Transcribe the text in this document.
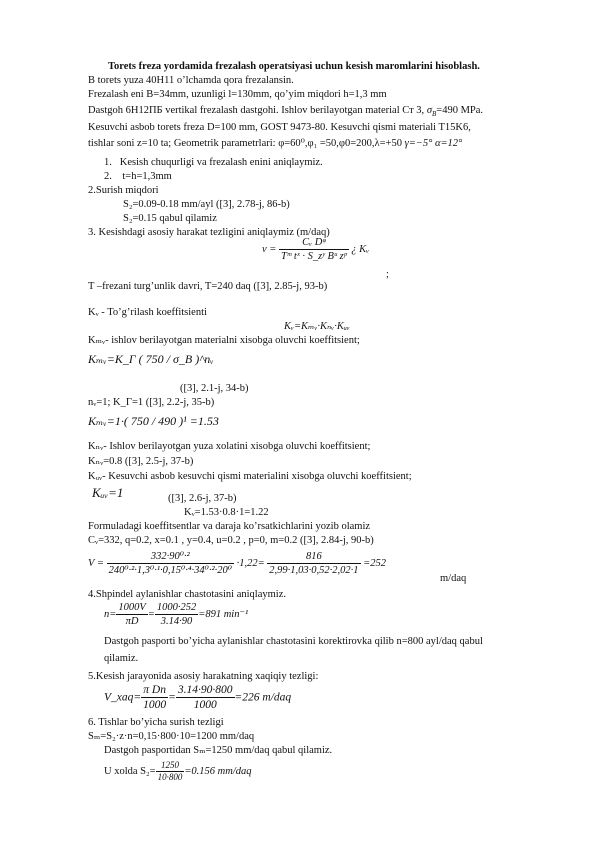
Torets freza yordamida frezalash operatsiyasi uchun kesish maromlarini hisoblash.
B torets yuza 40H11 o’lchamda qora frezalansin.
Frezalash eni B=34mm, uzunligi l=130mm, qo’yim miqdori h=1,3 mm
Dastgoh 6Н12ПБ vertikal frezalash dastgohi. Ishlov berilayotgan material Ст 3, $\sigma_B=490$ MPa.
Kesuvchi asbob torets freza D=100 mm, GOST 9473-80. Kesuvchi qismi materiali T15K6,
tishlar soni z=10 ta; Geometrik parametrlari: φ=60⁰,φ₁ =50,φ0=200,λ=+50 γ=−5° α=12°
1.   Kesish chuqurligi va frezalash enini aniqlaymiz.
2.    t=h=1,3mm
2.Surish miqdori
S₂=0.09-0.18 mm/ayl ([3], 2.78-j, 86-b)
S₂=0.15 qabul qilamiz
3. Kesishdagi asosiy harakat tezligini aniqlaymiz (m/daq)
$v = \frac{\text{Cᵥ Dᵠ}}{\text{Tᵐ tˣ · S\_zʸ Bᵘ zᵖ}}$ ¿ Kᵥ
;
T –frezani turg’unlik davri, T=240 daq ([3], 2.85-j, 93-b)
Kᵥ - To’g’rilash koeffitsienti
Kᵥ=Kₘᵥ·Kₙᵥ·Kᵤᵥ
Kₘᵥ- ishlov berilayotgan materialni xisobga oluvchi koeffitsient;
Kₘᵥ=K_Г ( 750 / σ_B )^nᵥ
([3], 2.1-j, 34-b)
nᵥ=1; K_Г=1 ([3], 2.2-j, 35-b)
Kₘᵥ=1·( 750 / 490 )¹ =1.53
Kₙᵥ- Ishlov berilayotgan yuza xolatini xisobga oluvchi koeffitsient;
Kₙᵥ=0.8 ([3], 2.5-j, 37-b)
Kᵤᵥ- Kesuvchi asbob kesuvchi qismi materialini xisobga oluvchi koeffitsient;
Kᵤᵥ=1	([3], 2.6-j, 37-b)
Kᵥ=1.53·0.8·1=1.22
Formuladagi koeffitsentlar va daraja ko’rsatkichlarini yozib olamiz
Cᵥ=332, q=0.2, x=0.1 , y=0.4, u=0.2 , p=0, m=0.2 ([3], 2.84-j, 90-b)
$V = \frac{\text{332·90⁰·²}}{\text{240⁰·²·1,3⁰·¹·0,15⁰·⁴·34⁰·²·20⁰}} \cdot 1,22= \frac{816}{2,99\cdot 1,03\cdot 0,52\cdot 2,02\cdot 1} =252$
m/daq
4.Shpindel aylanishlar chastotasini aniqlaymiz.
$n= \frac{1000V}{\pi D} = \frac{1000\cdot 252}{3.14\cdot 90} =891$ min⁻¹
Dastgoh pasporti bo’yicha aylanishlar chastotasini korektirovka qilib n=800 ayl/daq qabul
qilamiz.
5.Kesish jarayonida asosiy harakatning xaqiqiy tezligi:
V_xaq= $\frac{\text{π Dn}}{1000} = \frac{3.14\cdot 90\cdot 800}{1000} =226$ m/daq
6. Tishlar bo’yicha surish tezligi
Sₘ=S₂·z·n=0,15·800·10=1200 mm/daq
Dastgoh pasportidan Sₘ=1250 mm/daq qabul qilamiz.
U xolda $S_2= \frac{1250}{10\cdot 800} =0.156$ mm/daq
